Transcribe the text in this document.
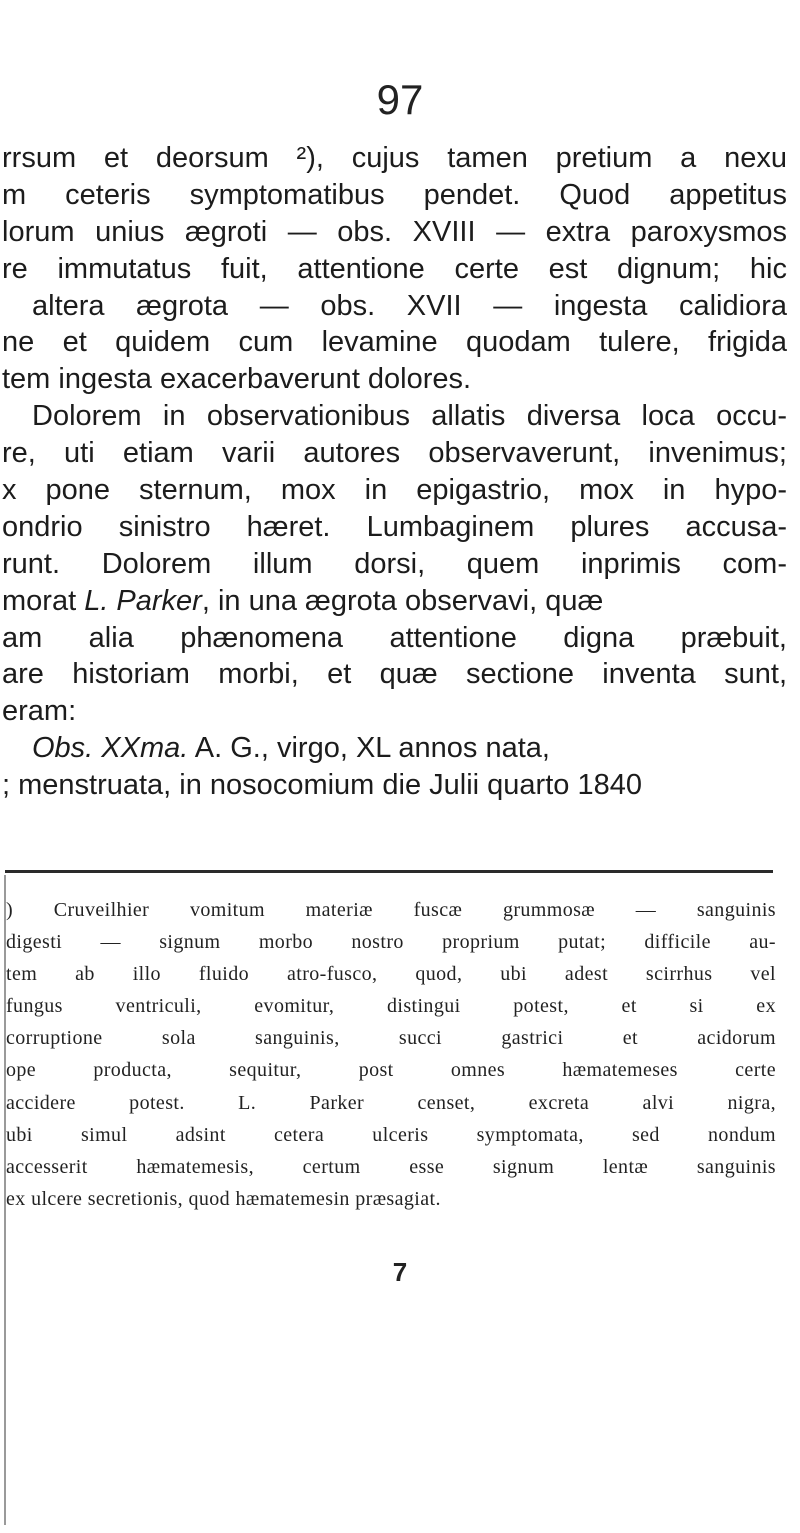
97
rrsum et deorsum ²), cujus tamen pretium a nexu
m ceteris symptomatibus pendet. Quod appetitus
lorum unius ægroti — obs. XVIII — extra paroxysmos
re immutatus fuit, attentione certe est dignum; hic
altera ægrota — obs. XVII — ingesta calidiora
ne et quidem cum levamine quodam tulere, frigida
tem ingesta exacerbaverunt dolores.
Dolorem in observationibus allatis diversa loca occu-
re, uti etiam varii autores observaverunt, invenimus;
x pone sternum, mox in epigastrio, mox in hypo-
ondrio sinistro hæret. Lumbaginem plures accusa-
runt. Dolorem illum dorsi, quem inprimis com-
morat L. Parker, in una ægrota observavi, quæ
am alia phænomena attentione digna præbuit,
are historiam morbi, et quæ sectione inventa sunt,
eram:
Obs. XXma. A. G., virgo, XL annos nata,
; menstruata, in nosocomium die Julii quarto 1840
) Cruveilhier vomitum materiæ fuscæ grummosæ — sanguinis
digesti — signum morbo nostro proprium putat; difficile au-
tem ab illo fluido atro-fusco, quod, ubi adest scirrhus vel
fungus ventriculi, evomitur, distingui potest, et si ex
corruptione sola sanguinis, succi gastrici et acidorum
ope producta, sequitur, post omnes hæmatemeses certe
accidere potest. L. Parker censet, excreta alvi nigra,
ubi simul adsint cetera ulceris symptomata, sed nondum
accesserit hæmatemesis, certum esse signum lentæ sanguinis
ex ulcere secretionis, quod hæmatemesin præsagiat.
7
